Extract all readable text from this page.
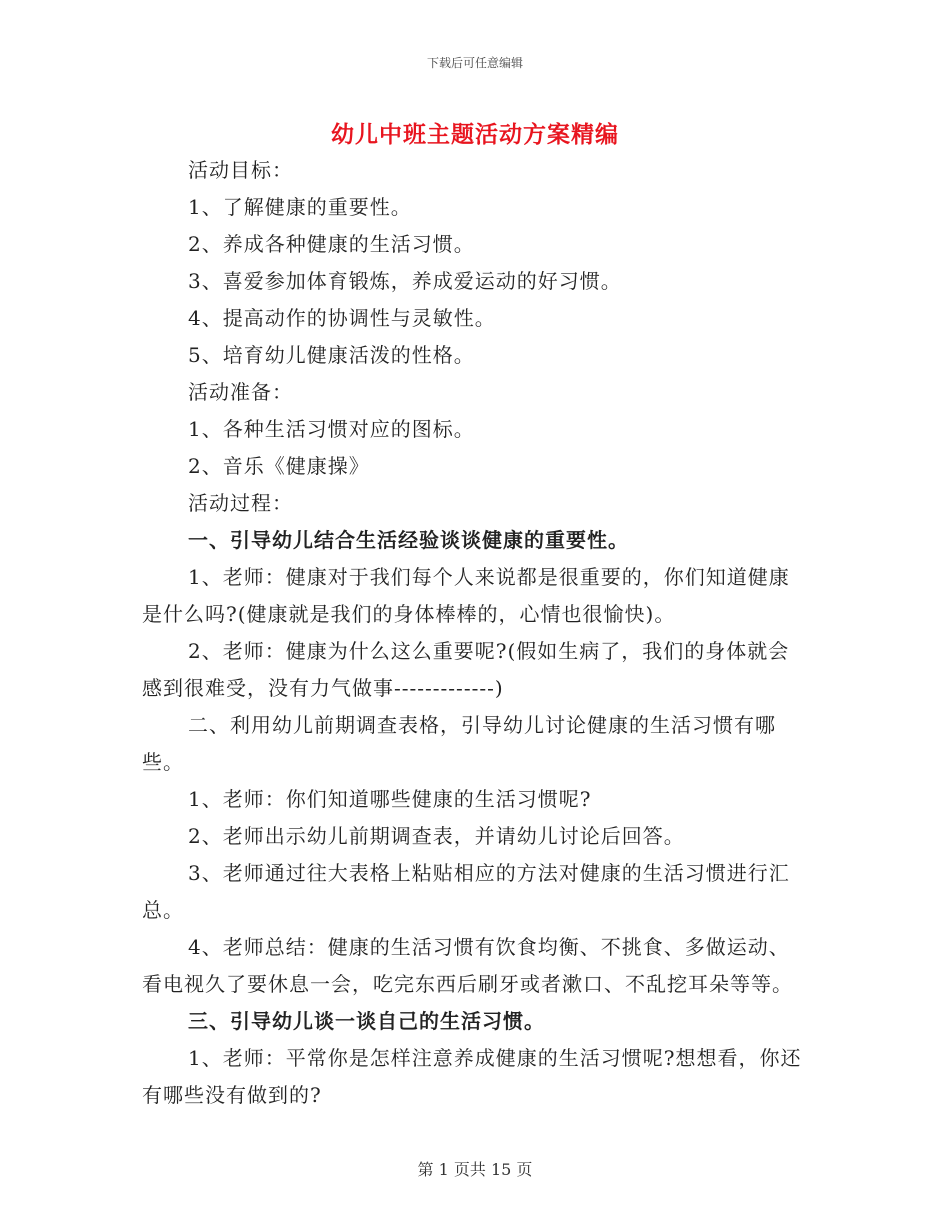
下载后可任意编辑
幼儿中班主题活动方案精编

活动目标：

1、了解健康的重要性。

2、养成各种健康的生活习惯。

3、喜爱参加体育锻炼，养成爱运动的好习惯。

4、提高动作的协调性与灵敏性。

5、培育幼儿健康活泼的性格。

活动准备：

1、各种生活习惯对应的图标。

2、音乐《健康操》

活动过程：

一、引导幼儿结合生活经验谈谈健康的重要性。

1、老师：健康对于我们每个人来说都是很重要的，你们知道健康是什么吗?(健康就是我们的身体棒棒的，心情也很愉快)。

2、老师：健康为什么这么重要呢?(假如生病了，我们的身体就会感到很难受，没有力气做事-------------)

二、利用幼儿前期调查表格，引导幼儿讨论健康的生活习惯有哪些。

1、老师：你们知道哪些健康的生活习惯呢?

2、老师出示幼儿前期调查表，并请幼儿讨论后回答。

3、老师通过往大表格上粘贴相应的方法对健康的生活习惯进行汇总。

4、老师总结：健康的生活习惯有饮食均衡、不挑食、多做运动、看电视久了要休息一会，吃完东西后刷牙或者漱口、不乱挖耳朵等等。

三、引导幼儿谈一谈自己的生活习惯。

1、老师：平常你是怎样注意养成健康的生活习惯呢?想想看，你还有哪些没有做到的?

第 1 页共 15 页
